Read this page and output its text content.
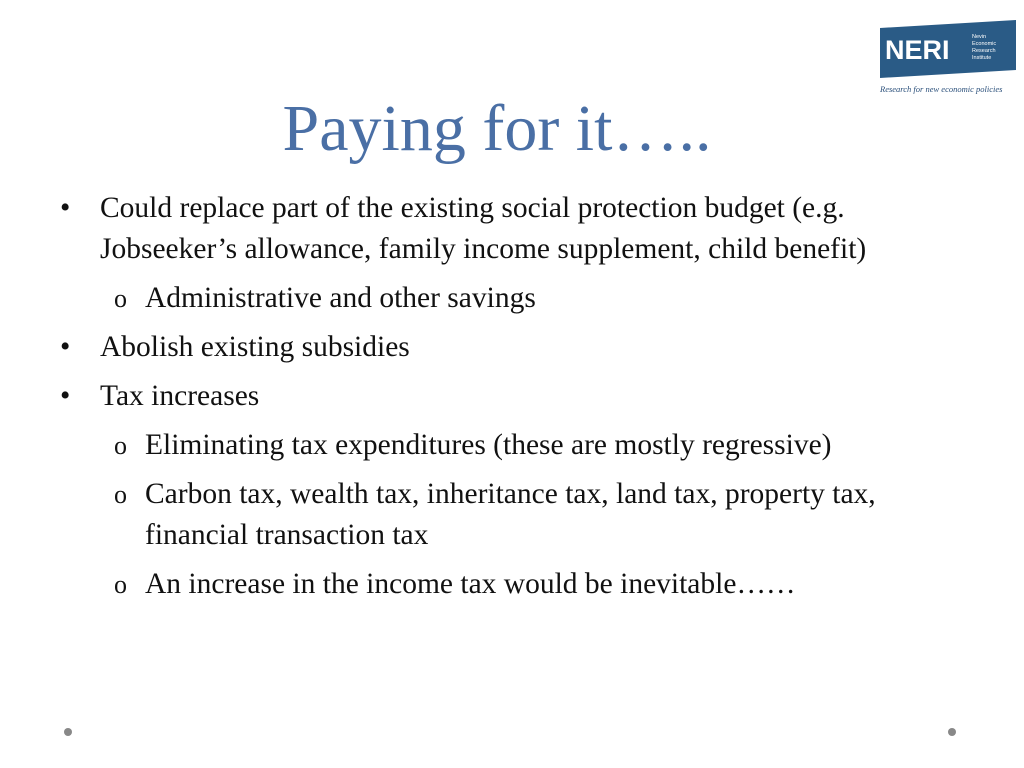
NERI	Nevin
Economic
Research
Institute
Research for new economic policies
Paying for it…..
• Could replace part of the existing social protection budget (e.g. Jobseeker’s allowance, family income supplement, child benefit)
o Administrative and other savings
• Abolish existing subsidies
• Tax increases
o Eliminating tax expenditures (these are mostly regressive)
o Carbon tax, wealth tax, inheritance tax, land tax, property tax, financial transaction tax
o An increase in the income tax would be inevitable……
